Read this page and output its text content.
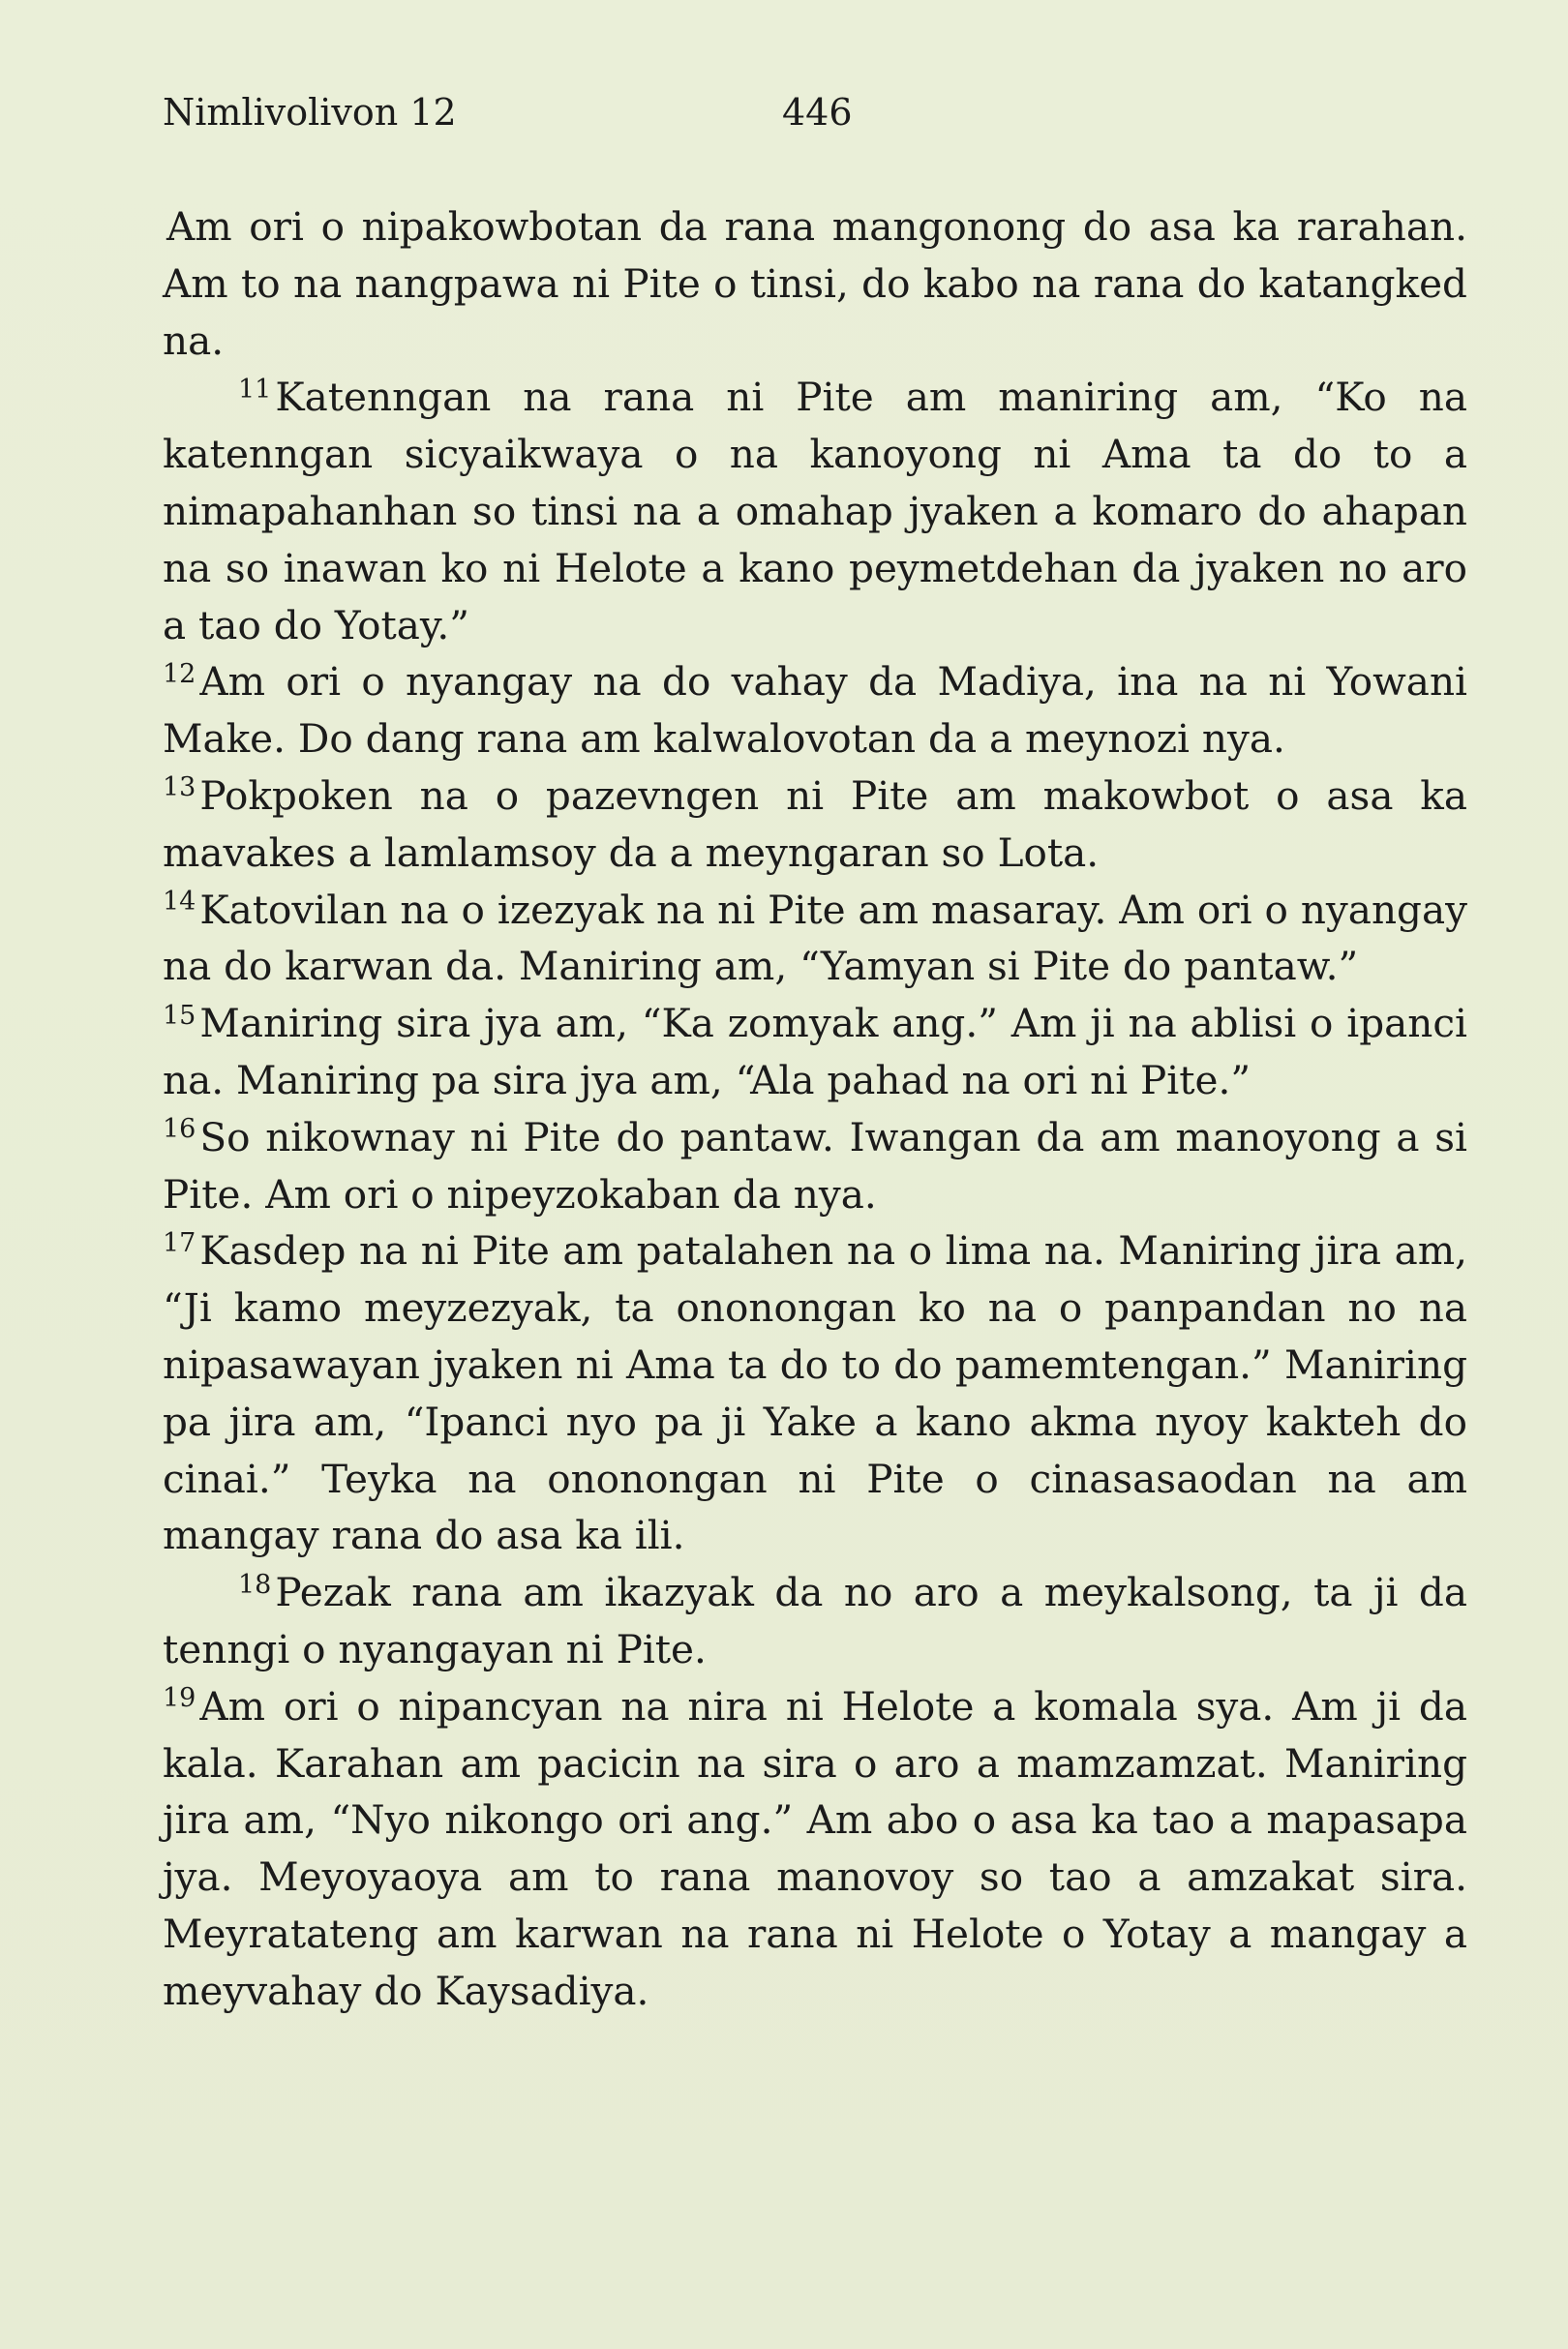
Nimlivolivon 12	446

Am ori o nipakowbotan da rana mangonong do asa ka rarahan. Am to na nangpawa ni Pite o tinsi, do kabo na rana do katangked na.

$^{11}$Katenngan na rana ni Pite am maniring am, “Ko na katenngan sicyaikwaya o na kanoyong ni Ama ta do to a nimapahanhan so tinsi na a omahap jyaken a komaro do ahapan na so inawan ko ni Helote a kano peymetdehan da jyaken no aro a tao do Yotay.”

$^{12}$Am ori o nyangay na do vahay da Madiya, ina na ni Yowani Make. Do dang rana am kalwalovotan da a meynozi nya.

$^{13}$Pokpoken na o pazevngen ni Pite am makowbot o asa ka mavakes a lamlamsoy da a meyngaran so Lota.

$^{14}$Katovilan na o izezyak na ni Pite am masaray. Am ori o nyangay na do karwan da. Maniring am, “Yamyan si Pite do pantaw.”

$^{15}$Maniring sira jya am, “Ka zomyak ang.” Am ji na ablisi o ipanci na. Maniring pa sira jya am, “Ala pahad na ori ni Pite.”

$^{16}$So nikownay ni Pite do pantaw. Iwangan da am manoyong a si Pite. Am ori o nipeyzokaban da nya.

$^{17}$Kasdep na ni Pite am patalahen na o lima na. Maniring jira am, “Ji kamo meyzezyak, ta ononongan ko na o panpandan no na nipasawayan jyaken ni Ama ta do to do pamemtengan.” Maniring pa jira am, “Ipanci nyo pa ji Yake a kano akma nyoy kakteh do cinai.” Teyka na ononongan ni Pite o cinasasaodan na am mangay rana do asa ka ili.

$^{18}$Pezak rana am ikazyak da no aro a meykalsong, ta ji da tenngi o nyangayan ni Pite.

$^{19}$Am ori o nipancyan na nira ni Helote a komala sya. Am ji da kala. Karahan am pacicin na sira o aro a mamzamzat. Maniring jira am, “Nyo nikongo ori ang.” Am abo o asa ka tao a mapasapa jya. Meyoyaoya am to rana manovoy so tao a amzakat sira. Meyratateng am karwan na rana ni Helote o Yotay a mangay a meyvahay do Kaysadiya.
